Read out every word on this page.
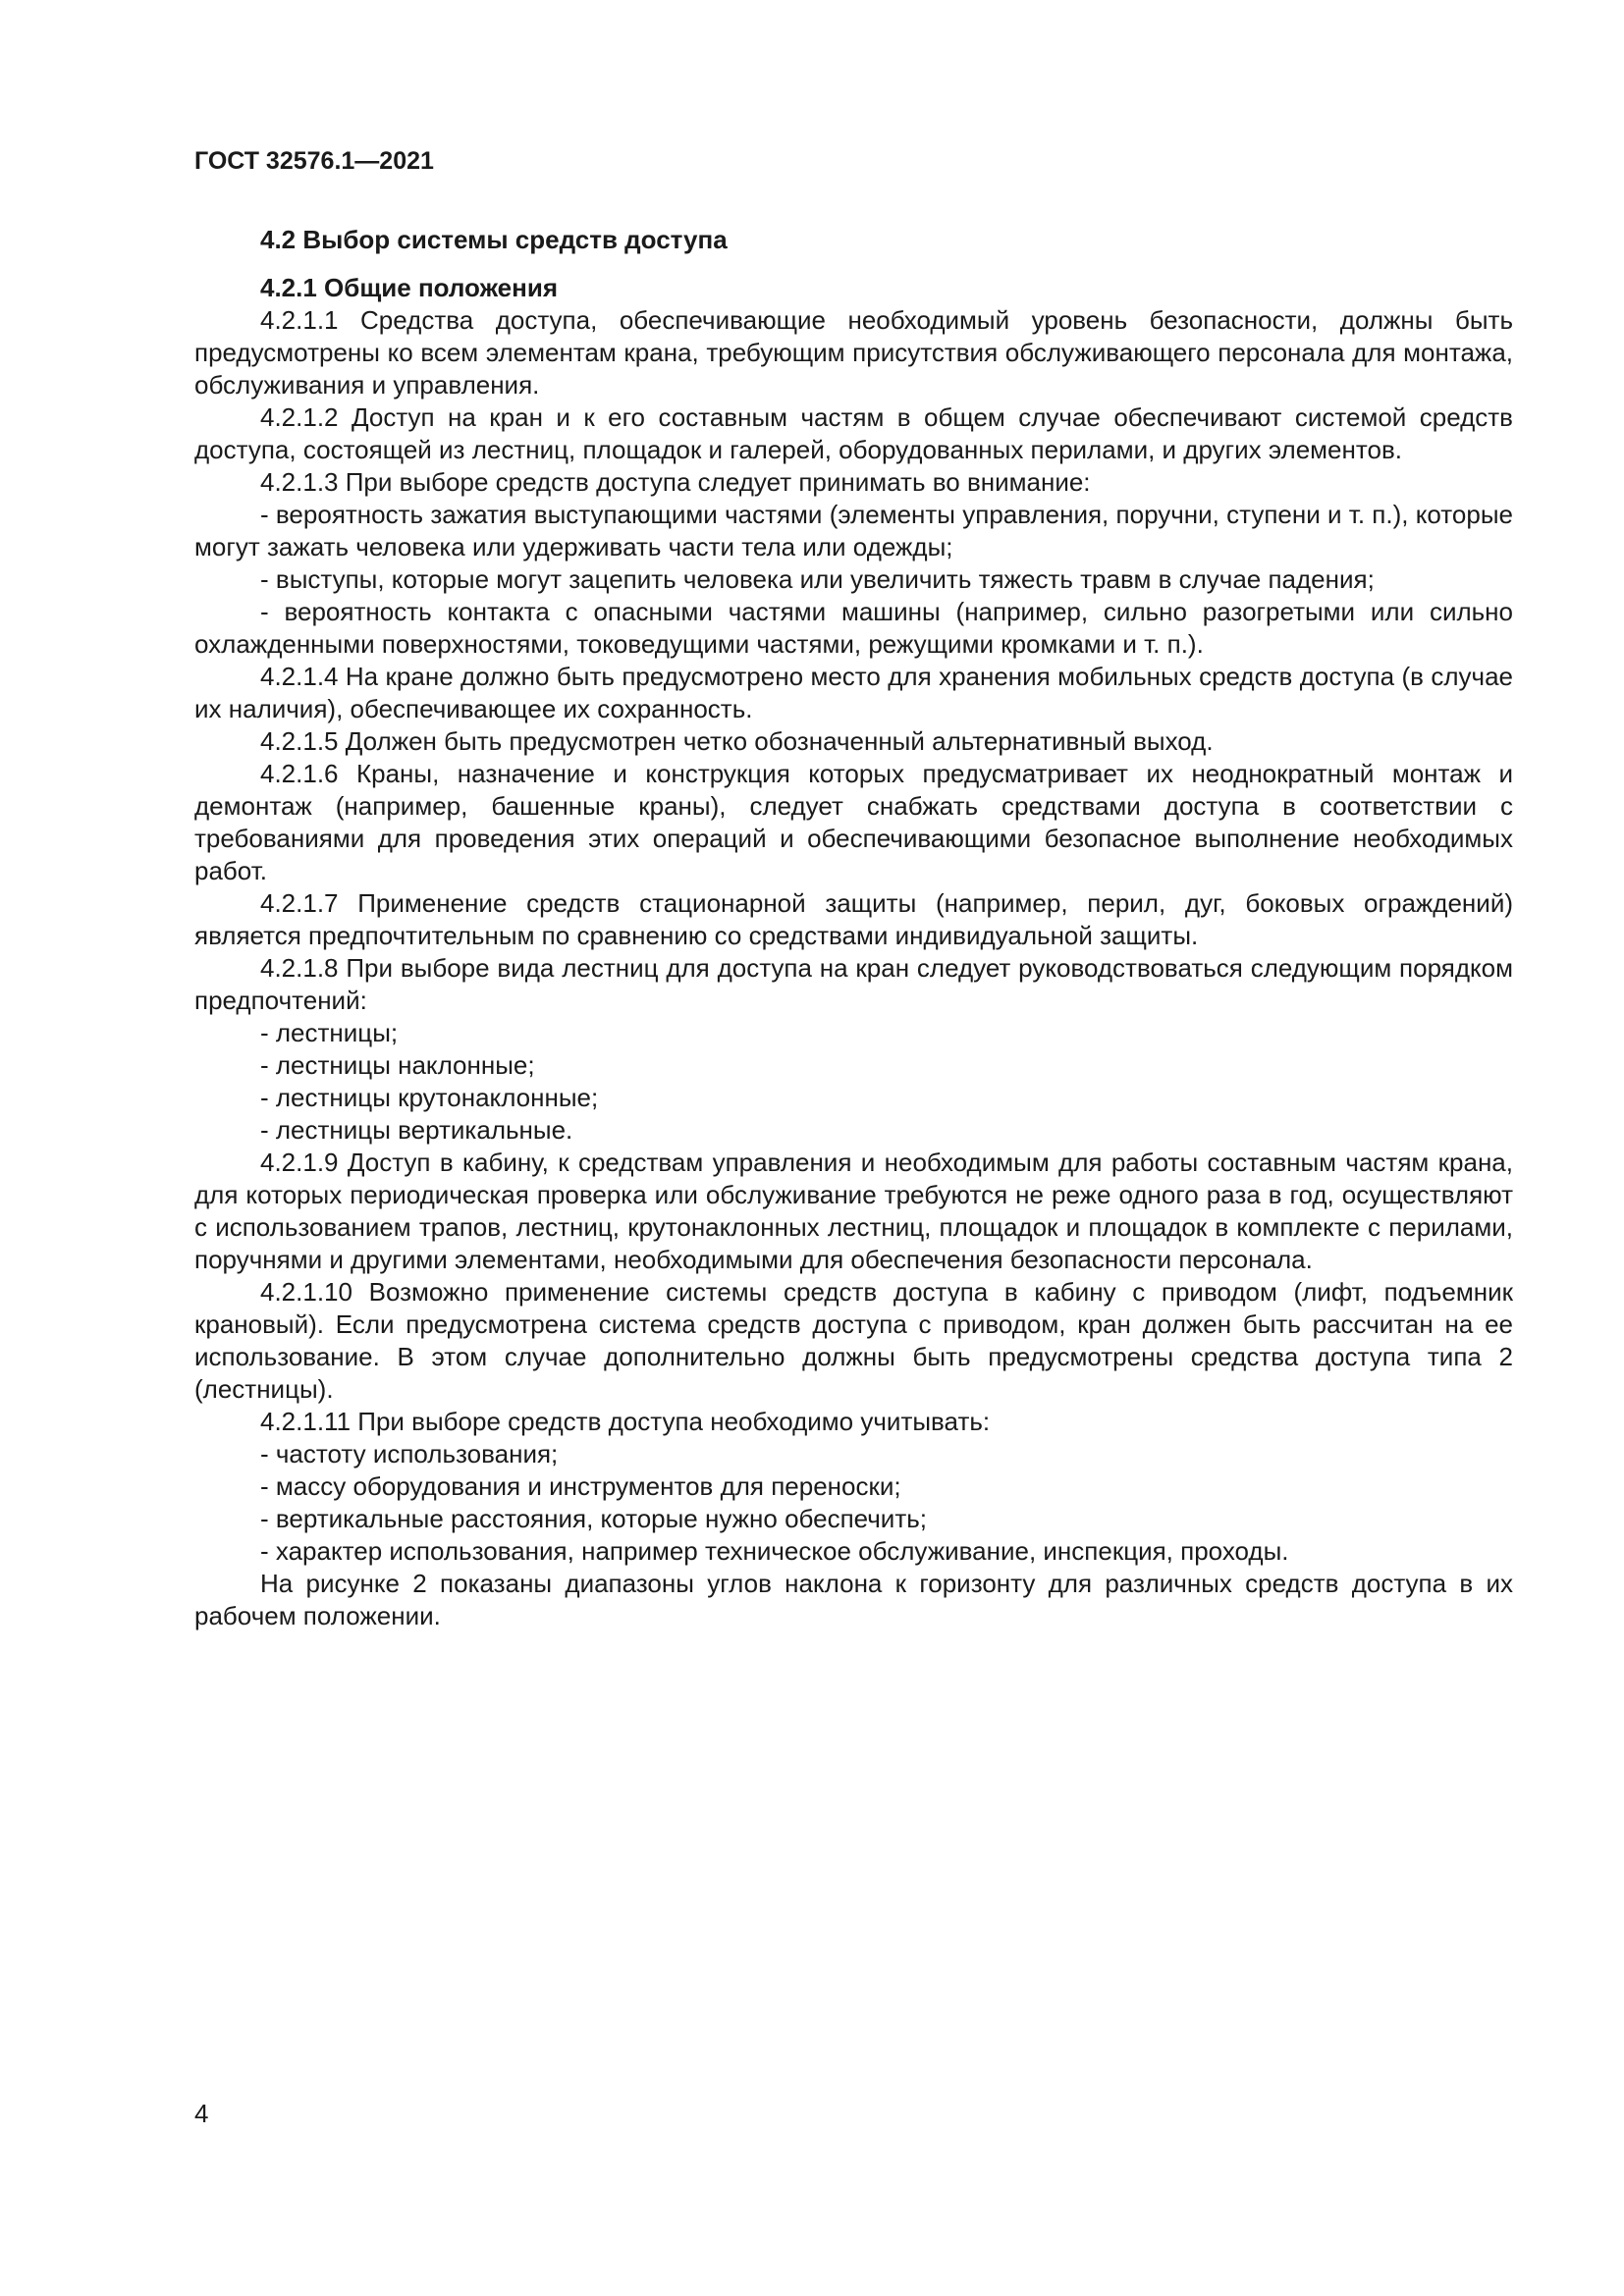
ГОСТ 32576.1—2021

4.2 Выбор системы средств доступа

4.2.1 Общие положения

4.2.1.1 Средства доступа, обеспечивающие необходимый уровень безопасности, должны быть предусмотрены ко всем элементам крана, требующим присутствия обслуживающего персонала для монтажа, обслуживания и управления.

4.2.1.2 Доступ на кран и к его составным частям в общем случае обеспечивают системой средств доступа, состоящей из лестниц, площадок и галерей, оборудованных перилами, и других элементов.

4.2.1.3 При выборе средств доступа следует принимать во внимание:

- вероятность зажатия выступающими частями (элементы управления, поручни, ступени и т. п.), которые могут зажать человека или удерживать части тела или одежды;

- выступы, которые могут зацепить человека или увеличить тяжесть травм в случае падения;

- вероятность контакта с опасными частями машины (например, сильно разогретыми или сильно охлажденными поверхностями, токоведущими частями, режущими кромками и т. п.).

4.2.1.4 На кране должно быть предусмотрено место для хранения мобильных средств доступа (в случае их наличия), обеспечивающее их сохранность.

4.2.1.5 Должен быть предусмотрен четко обозначенный альтернативный выход.

4.2.1.6 Краны, назначение и конструкция которых предусматривает их неоднократный монтаж и демонтаж (например, башенные краны), следует снабжать средствами доступа в соответствии с требованиями для проведения этих операций и обеспечивающими безопасное выполнение необходимых работ.

4.2.1.7 Применение средств стационарной защиты (например, перил, дуг, боковых ограждений) является предпочтительным по сравнению со средствами индивидуальной защиты.

4.2.1.8 При выборе вида лестниц для доступа на кран следует руководствоваться следующим порядком предпочтений:

- лестницы;

- лестницы наклонные;

- лестницы крутонаклонные;

- лестницы вертикальные.

4.2.1.9 Доступ в кабину, к средствам управления и необходимым для работы составным частям крана, для которых периодическая проверка или обслуживание требуются не реже одного раза в год, осуществляют с использованием трапов, лестниц, крутонаклонных лестниц, площадок и площадок в комплекте с перилами, поручнями и другими элементами, необходимыми для обеспечения безопасности персонала.

4.2.1.10 Возможно применение системы средств доступа в кабину с приводом (лифт, подъемник крановый). Если предусмотрена система средств доступа с приводом, кран должен быть рассчитан на ее использование. В этом случае дополнительно должны быть предусмотрены средства доступа типа 2 (лестницы).

4.2.1.11 При выборе средств доступа необходимо учитывать:

- частоту использования;

- массу оборудования и инструментов для переноски;

- вертикальные расстояния, которые нужно обеспечить;

- характер использования, например техническое обслуживание, инспекция, проходы.

На рисунке 2 показаны диапазоны углов наклона к горизонту для различных средств доступа в их рабочем положении.

4
